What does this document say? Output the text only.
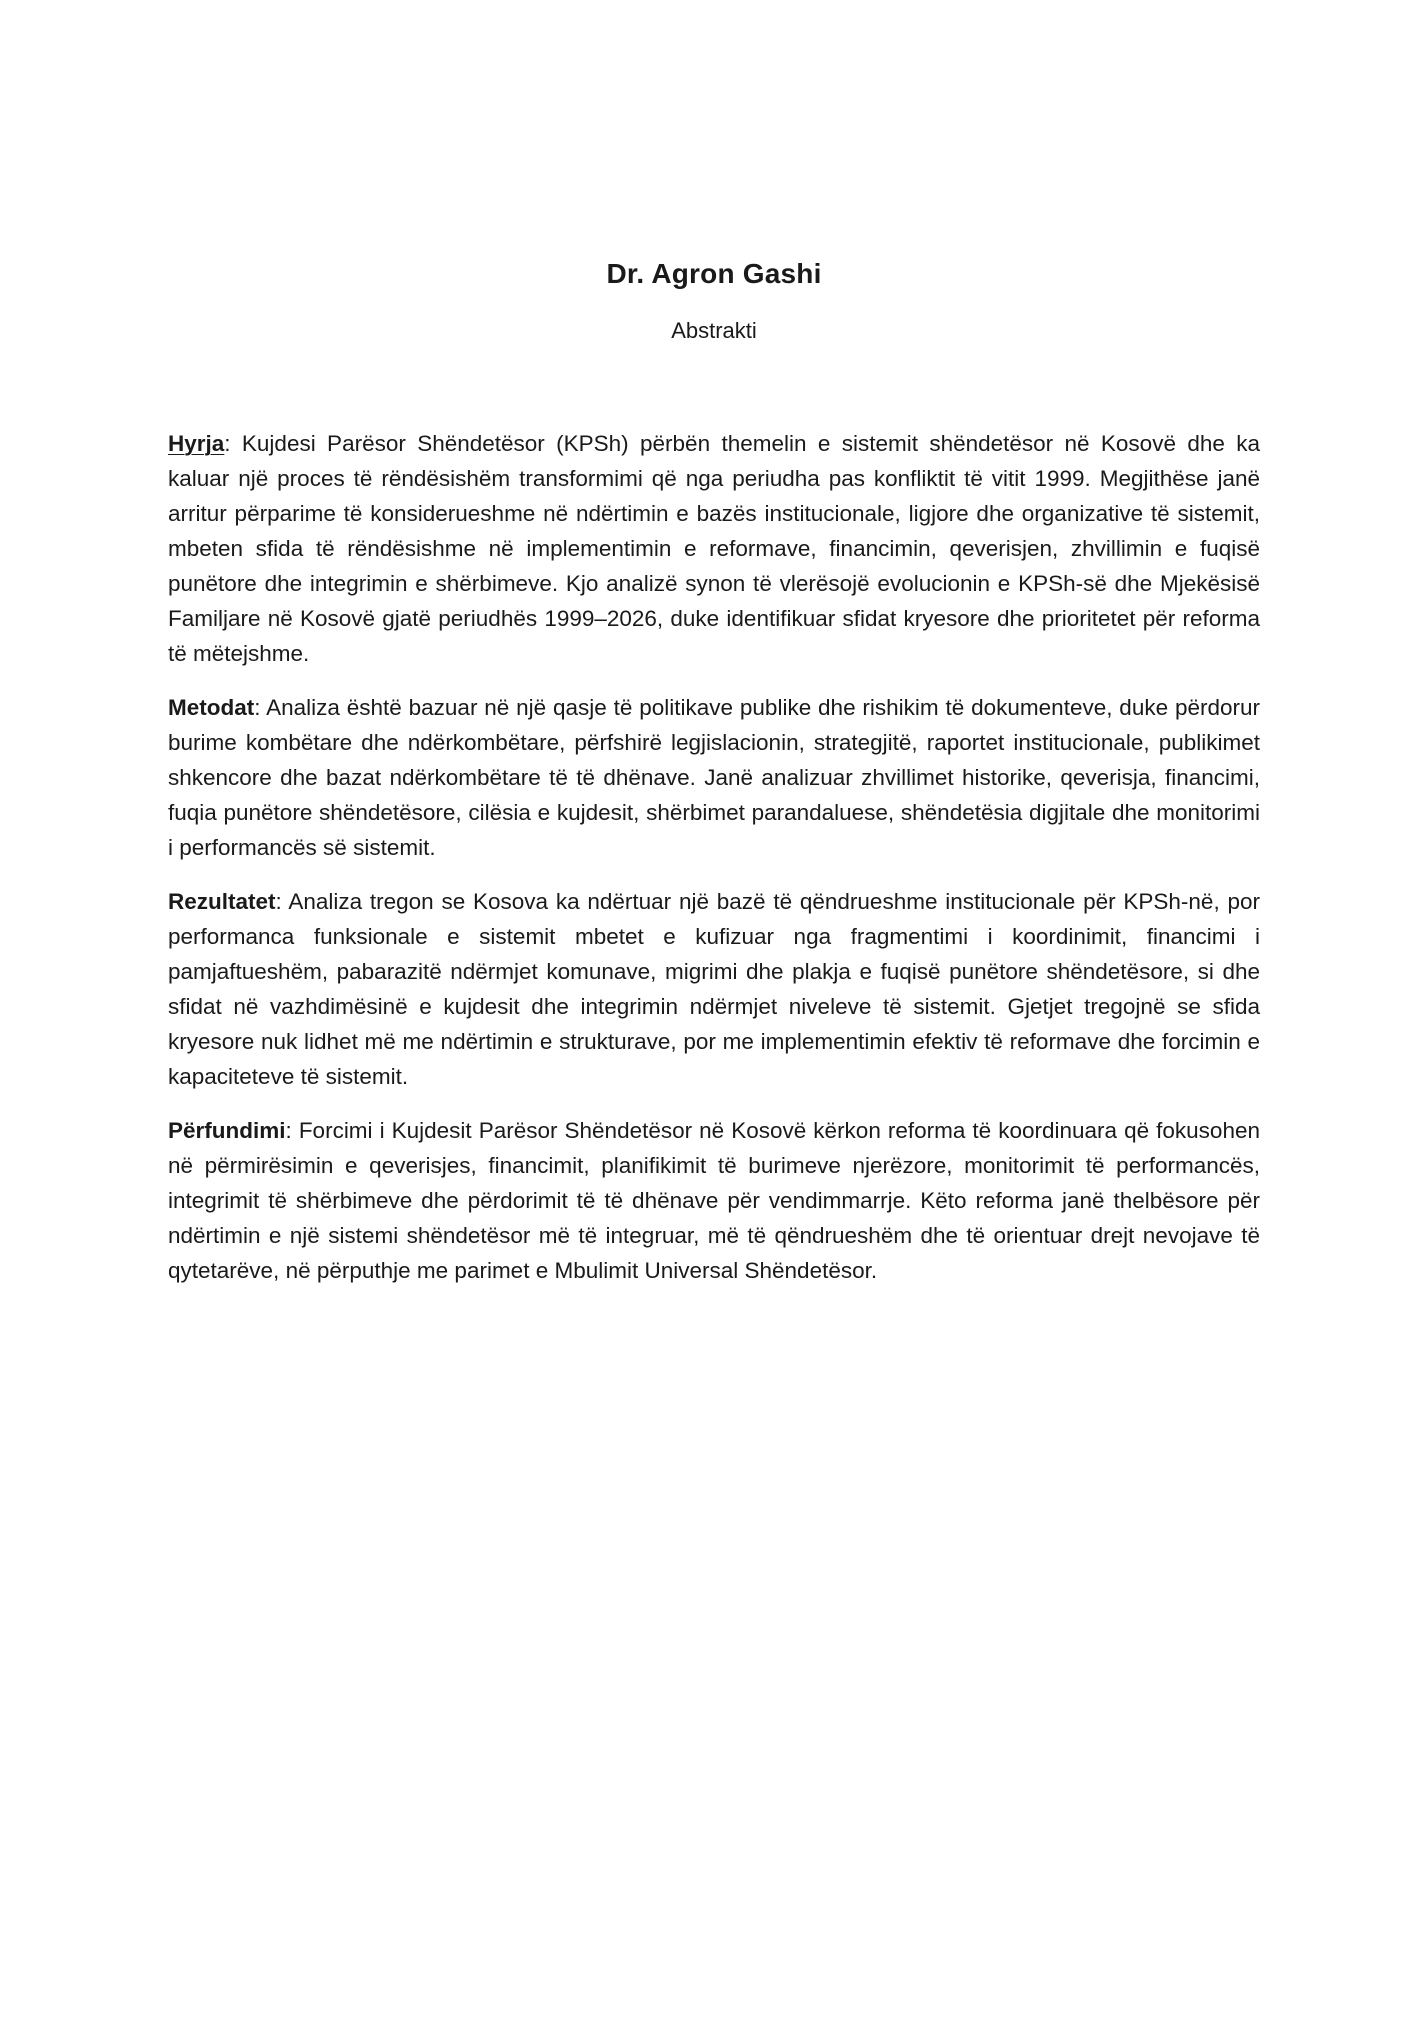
Dr. Agron Gashi
Abstrakti

Hyrja: Kujdesi Parësor Shëndetësor (KPSh) përbën themelin e sistemit shëndetësor në Kosovë dhe ka kaluar një proces të rëndësishëm transformimi që nga periudha pas konfliktit të vitit 1999. Megjithëse janë arritur përparime të konsiderueshme në ndërtimin e bazës institucionale, ligjore dhe organizative të sistemit, mbeten sfida të rëndësishme në implementimin e reformave, financimin, qeverisjen, zhvillimin e fuqisë punëtore dhe integrimin e shërbimeve. Kjo analizë synon të vlerësojë evolucionin e KPSh-së dhe Mjekësisë Familjare në Kosovë gjatë periudhës 1999–2026, duke identifikuar sfidat kryesore dhe prioritetet për reforma të mëtejshme.

Metodat: Analiza është bazuar në një qasje të politikave publike dhe rishikim të dokumenteve, duke përdorur burime kombëtare dhe ndërkombëtare, përfshirë legjislacionin, strategjitë, raportet institucionale, publikimet shkencore dhe bazat ndërkombëtare të të dhënave. Janë analizuar zhvillimet historike, qeverisja, financimi, fuqia punëtore shëndetësore, cilësia e kujdesit, shërbimet parandaluese, shëndetësia digjitale dhe monitorimi i performancës së sistemit.

Rezultatet: Analiza tregon se Kosova ka ndërtuar një bazë të qëndrueshme institucionale për KPSh-në, por performanca funksionale e sistemit mbetet e kufizuar nga fragmentimi i koordinimit, financimi i pamjaftueshëm, pabarazitë ndërmjet komunave, migrimi dhe plakja e fuqisë punëtore shëndetësore, si dhe sfidat në vazhdimësinë e kujdesit dhe integrimin ndërmjet niveleve të sistemit. Gjetjet tregojnë se sfida kryesore nuk lidhet më me ndërtimin e strukturave, por me implementimin efektiv të reformave dhe forcimin e kapaciteteve të sistemit.

Përfundimi: Forcimi i Kujdesit Parësor Shëndetësor në Kosovë kërkon reforma të koordinuara që fokusohen në përmirësimin e qeverisjes, financimit, planifikimit të burimeve njerëzore, monitorimit të performancës, integrimit të shërbimeve dhe përdorimit të të dhënave për vendimmarrje. Këto reforma janë thelbësore për ndërtimin e një sistemi shëndetësor më të integruar, më të qëndrueshëm dhe të orientuar drejt nevojave të qytetarëve, në përputhje me parimet e Mbulimit Universal Shëndetësor.
